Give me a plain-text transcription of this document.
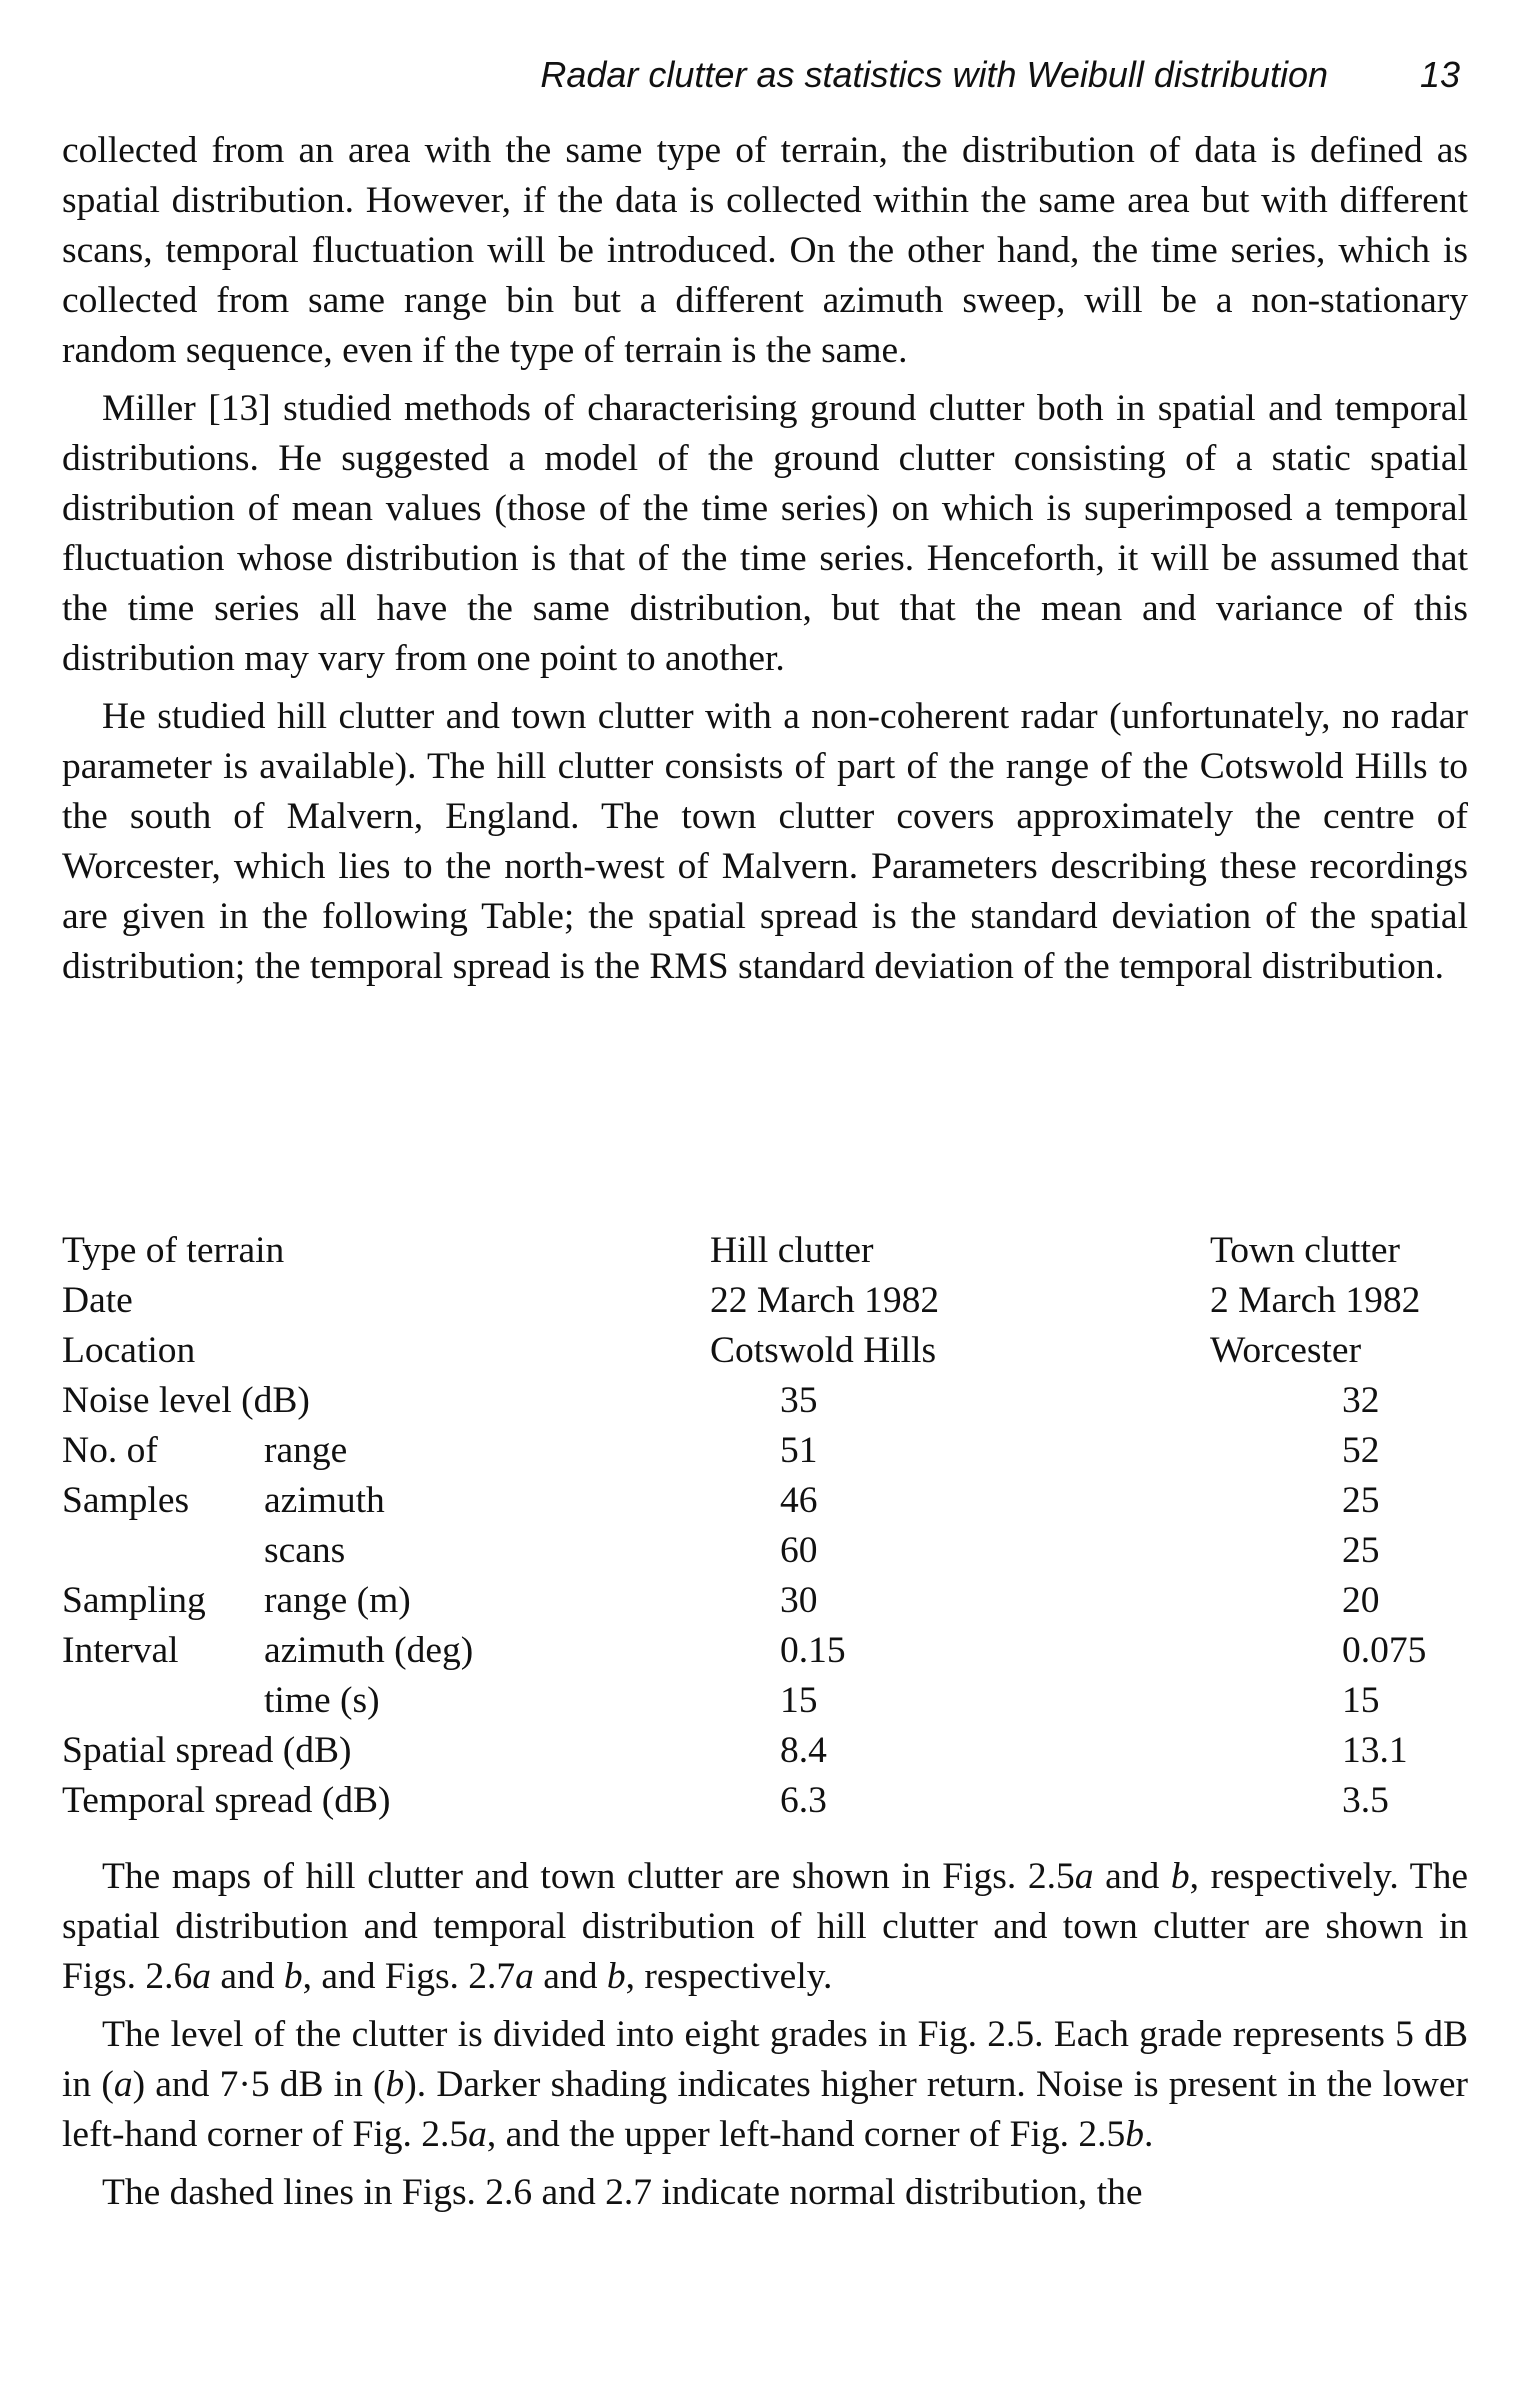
Radar clutter as statistics with Weibull distribution	13

collected from an area with the same type of terrain, the distribution of data is defined as spatial distribution. However, if the data is collected within the same area but with different scans, temporal fluctuation will be introduced. On the other hand, the time series, which is collected from same range bin but a different azimuth sweep, will be a non-stationary random sequence, even if the type of terrain is the same.

Miller [13] studied methods of characterising ground clutter both in spatial and temporal distributions. He suggested a model of the ground clutter consisting of a static spatial distribution of mean values (those of the time series) on which is superimposed a temporal fluctuation whose distribution is that of the time series. Henceforth, it will be assumed that the time series all have the same distribution, but that the mean and variance of this distribution may vary from one point to another.

He studied hill clutter and town clutter with a non-coherent radar (unfortunately, no radar parameter is available). The hill clutter consists of part of the range of the Cotswold Hills to the south of Malvern, England. The town clutter covers approximately the centre of Worcester, which lies to the north-west of Malvern. Parameters describing these recordings are given in the following Table; the spatial spread is the standard deviation of the spatial distribution; the temporal spread is the RMS standard deviation of the temporal distribution.

Type of terrain	Hill clutter	Town clutter
Date	22 March 1982	2 March 1982
Location	Cotswold Hills	Worcester
Noise level (dB)	35	32
No. of	range	51	52
Samples azimuth	46	25
scans	60	25
Sampling range (m)	30	20
Interval azimuth (deg)	0.15	0.075
time (s)	15	15
Spatial spread (dB)	8.4	13.1
Temporal spread (dB)	6.3	3.5

The maps of hill clutter and town clutter are shown in Figs. 2.5a and b, respectively. The spatial distribution and temporal distribution of hill clutter and town clutter are shown in Figs. 2.6a and b, and Figs. 2.7a and b, respectively.

The level of the clutter is divided into eight grades in Fig. 2.5. Each grade represents 5 dB in (a) and 7·5 dB in (b). Darker shading indicates higher return. Noise is present in the lower left-hand corner of Fig. 2.5a, and the upper left-hand corner of Fig. 2.5b.

The dashed lines in Figs. 2.6 and 2.7 indicate normal distribution, the
